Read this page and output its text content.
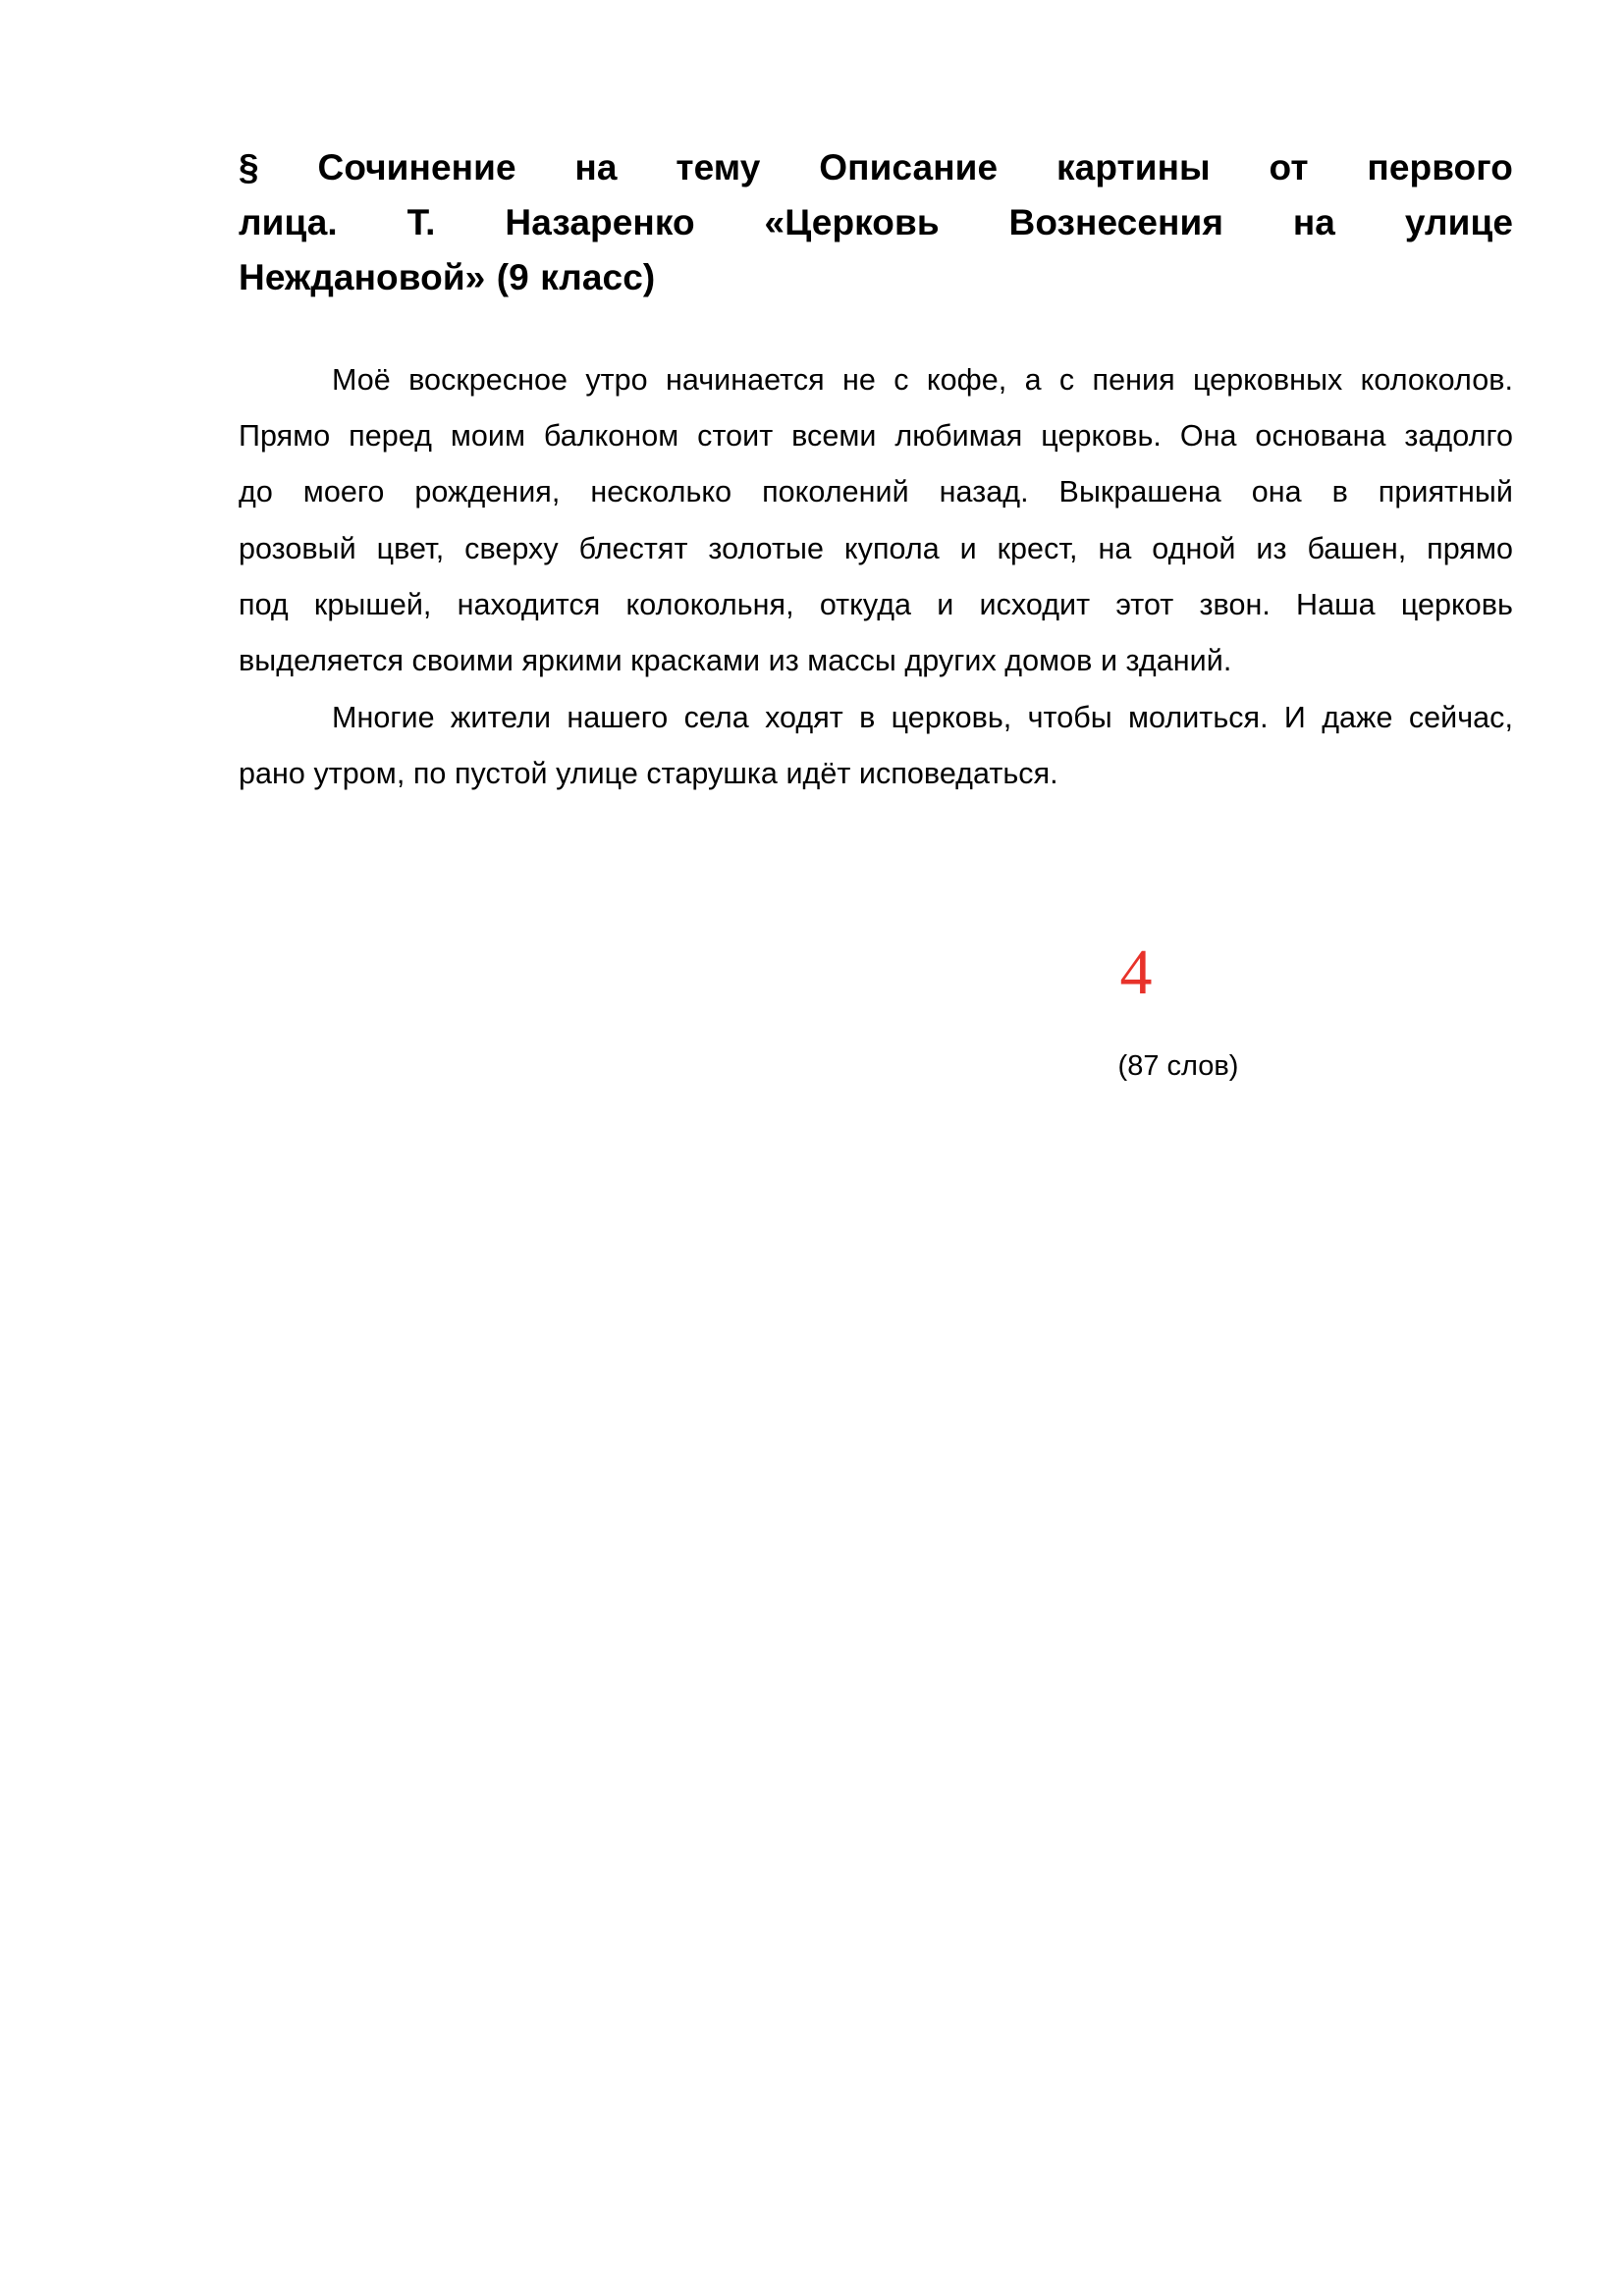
§ Сочинение на тему Описание картины от первого
лица. Т. Назаренко «Церковь Вознесения на улице
Неждановой» (9 класс)

Моё воскресное утро начинается не с кофе, а с пения церковных колоколов.
Прямо перед моим балконом стоит всеми любимая церковь. Она основана задолго
до моего рождения, несколько поколений назад. Выкрашена она в приятный
розовый цвет, сверху блестят золотые купола и крест, на одной из башен, прямо
под крышей, находится колокольня, откуда и исходит этот звон. Наша церковь
выделяется своими яркими красками из массы других домов и зданий.

Многие жители нашего села ходят в церковь, чтобы молиться. И даже сейчас,
рано утром, по пустой улице старушка идёт исповедаться.

4
(87 слов)
